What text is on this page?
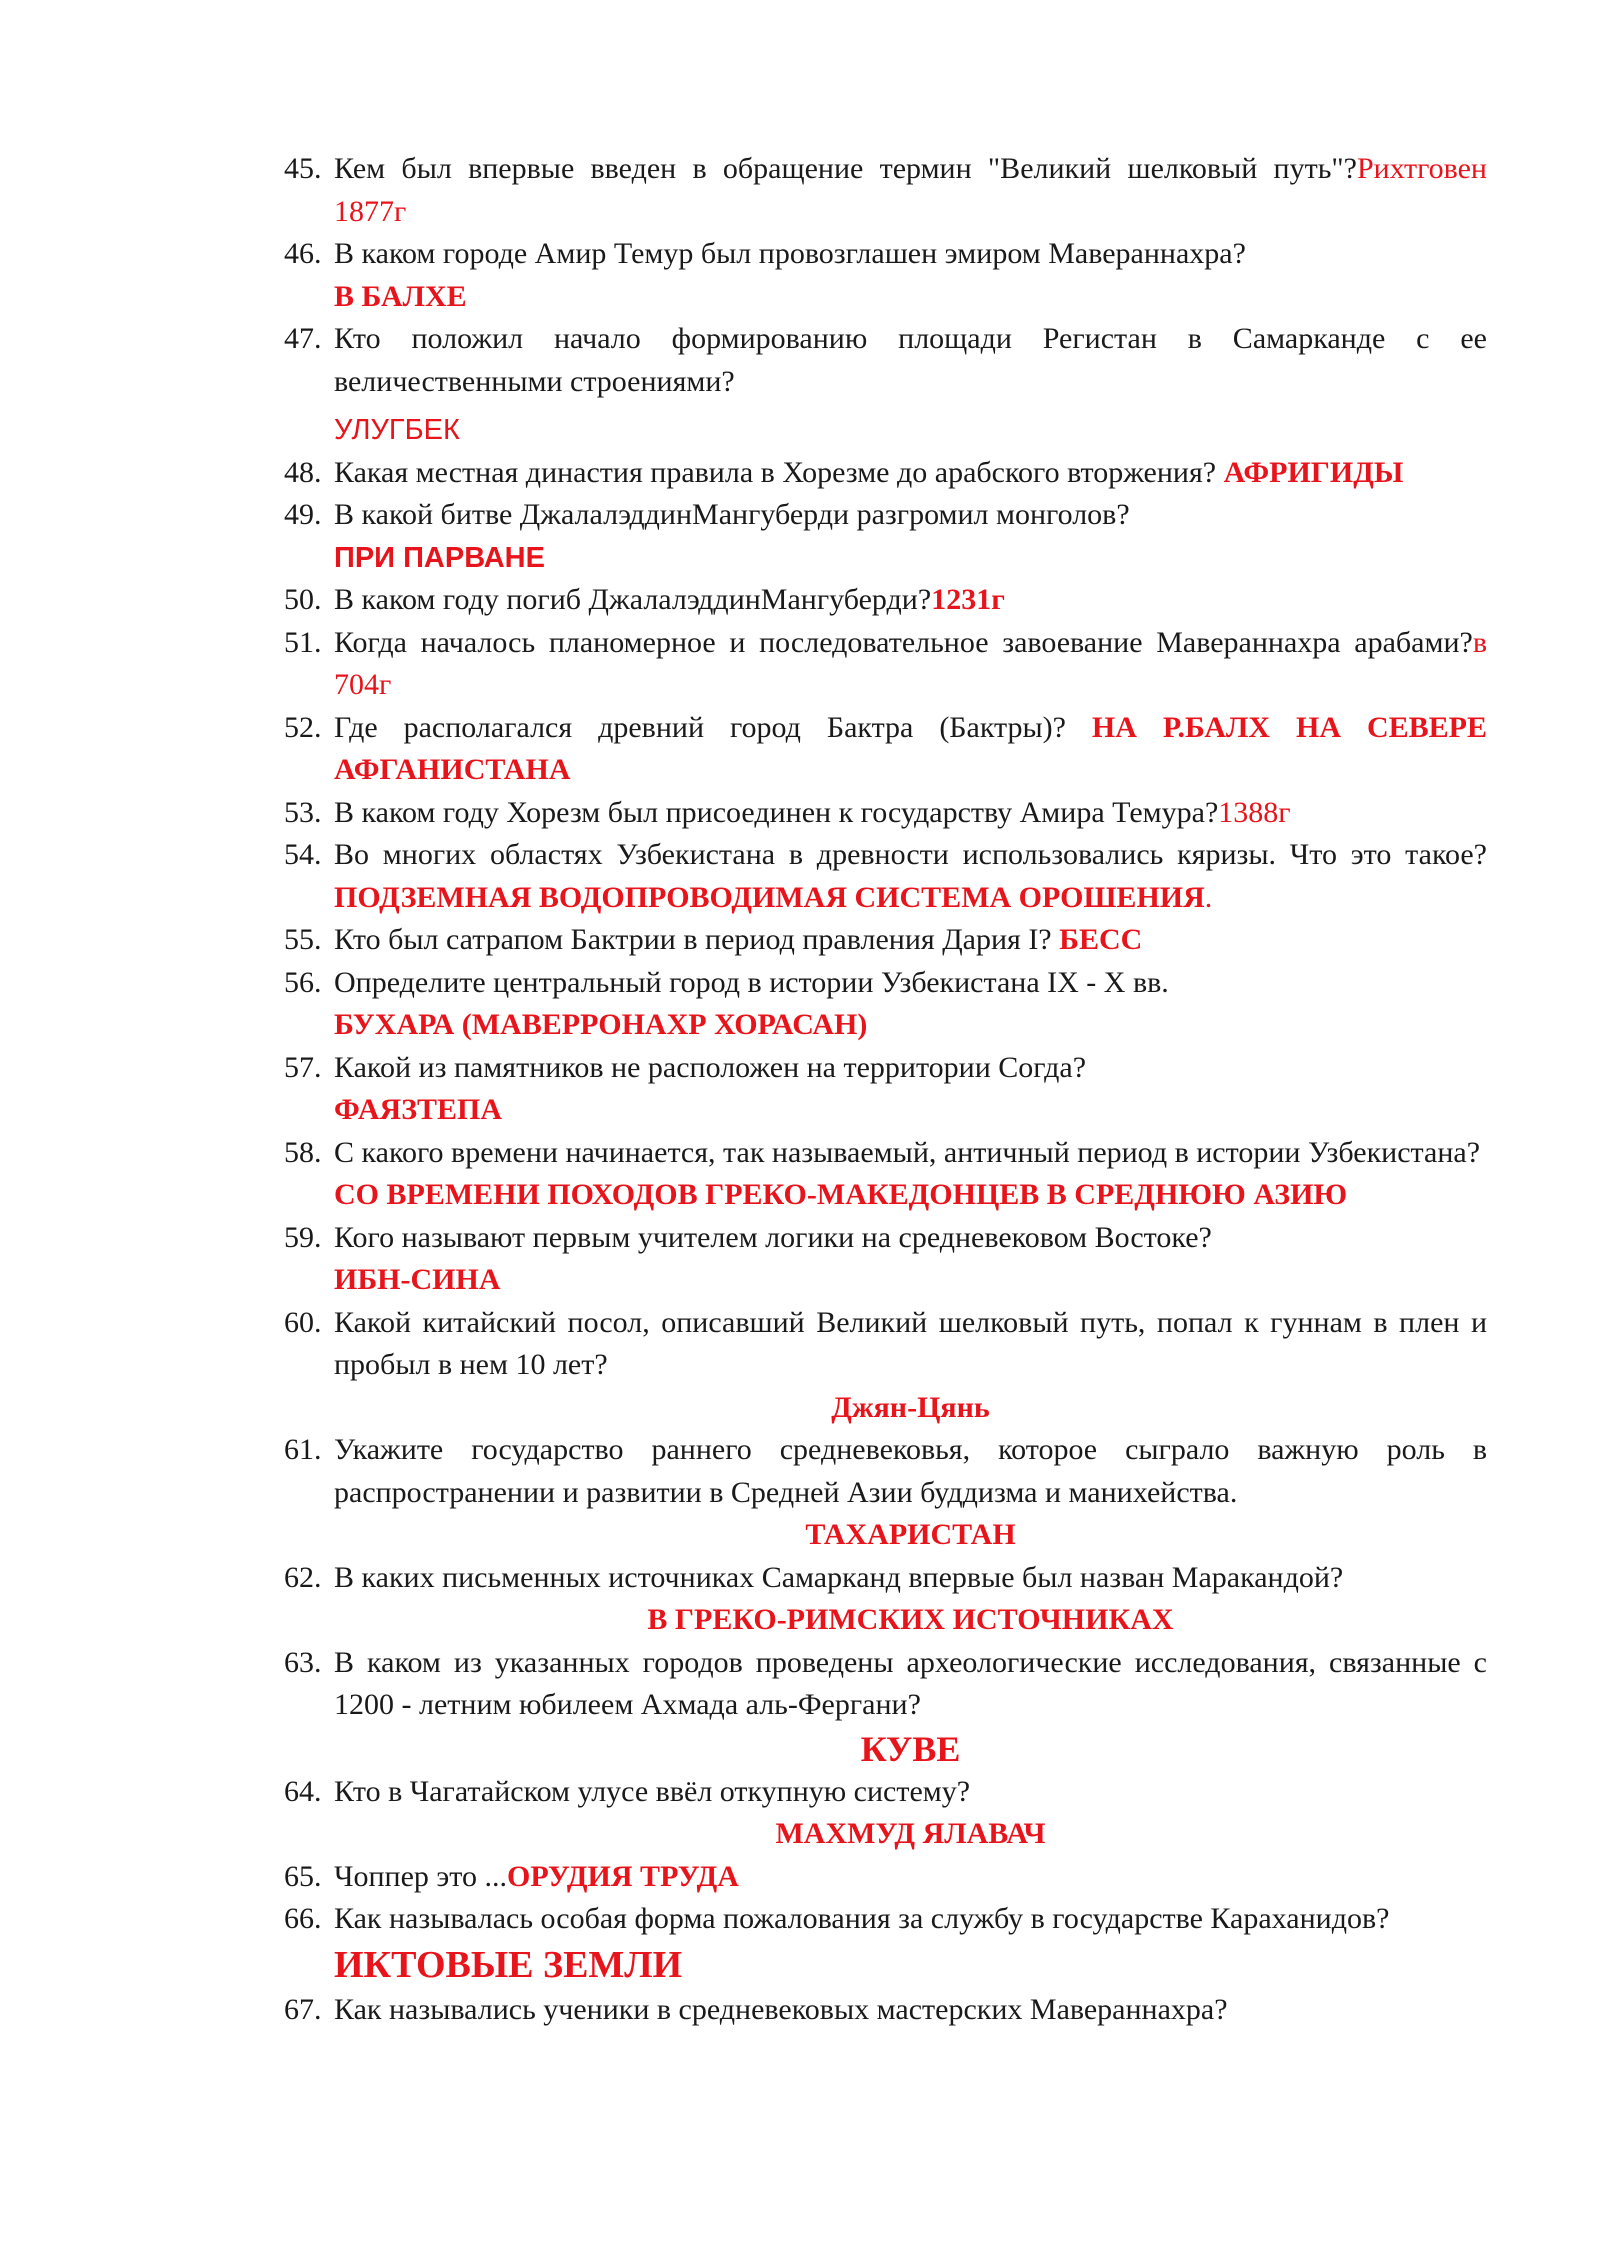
45. Кем был впервые введен в обращение термин "Великий шелковый путь"?Рихтговен 1877г
46. В каком городе Амир Темур был провозглашен эмиром Мавераннахра?
В БАЛХЕ
47. Кто положил начало формированию площади Регистан в Самарканде с ее величественными строениями?
УЛУГБЕК
48. Какая местная династия правила в Хорезме до арабского вторжения? АФРИГИДЫ
49. В какой битве ДжалалэддинМангуберди разгромил монголов?
ПРИ ПАРВАНЕ
50. В каком году погиб ДжалалэддинМангуберди?1231г
51. Когда началось планомерное и последовательное завоевание Мавераннахра арабами?в 704г
52. Где располагался древний город Бактра (Бактры)? НА Р.БАЛХ НА СЕВЕРЕ АФГАНИСТАНА
53. В каком году Хорезм был присоединен к государству Амира Темура?1388г
54. Во многих областях Узбекистана в древности использовались кяризы. Что это такое?ПОДЗЕМНАЯ ВОДОПРОВОДИМАЯ СИСТЕМА ОРОШЕНИЯ.
55. Кто был сатрапом Бактрии в период правления Дария I? БЕСС
56. Определите центральный город в истории Узбекистана IX - X вв.
БУХАРА (МАВЕРРОНАХР ХОРАСАН)
57. Какой из памятников не расположен на территории Согда?
ФАЯЗТЕПА
58. С какого времени начинается, так называемый, античный период в истории Узбекистана?
СО ВРЕМЕНИ ПОХОДОВ ГРЕКО-МАКЕДОНЦЕВ В СРЕДНЮЮ АЗИЮ
59. Кого называют первым учителем логики на средневековом Востоке?
ИБН-СИНА
60. Какой китайский посол, описавший Великий шелковый путь, попал к гуннам в плен и пробыл в нем 10 лет?
Джян-Цянь
61. Укажите государство раннего средневековья, которое сыграло важную роль в распространении и развитии в Средней Азии буддизма и манихейства.
ТАХАРИСТАН
62. В каких письменных источниках Самарканд впервые был назван Маракандой?
В ГРЕКО-РИМСКИХ ИСТОЧНИКАХ
63. В каком из указанных городов проведены археологические исследования, связанные с 1200 - летним юбилеем Ахмада аль-Фергани?
КУВЕ
64. Кто в Чагатайском улусе ввёл откупную систему?
МАХМУД ЯЛАВАЧ
65. Чоппер это ...ОРУДИЯ ТРУДА
66. Как называлась особая форма пожалования за службу в государстве Караханидов?
ИКТОВЫЕ ЗЕМЛИ
67. Как назывались ученики в средневековых мастерских Мавераннахра?
